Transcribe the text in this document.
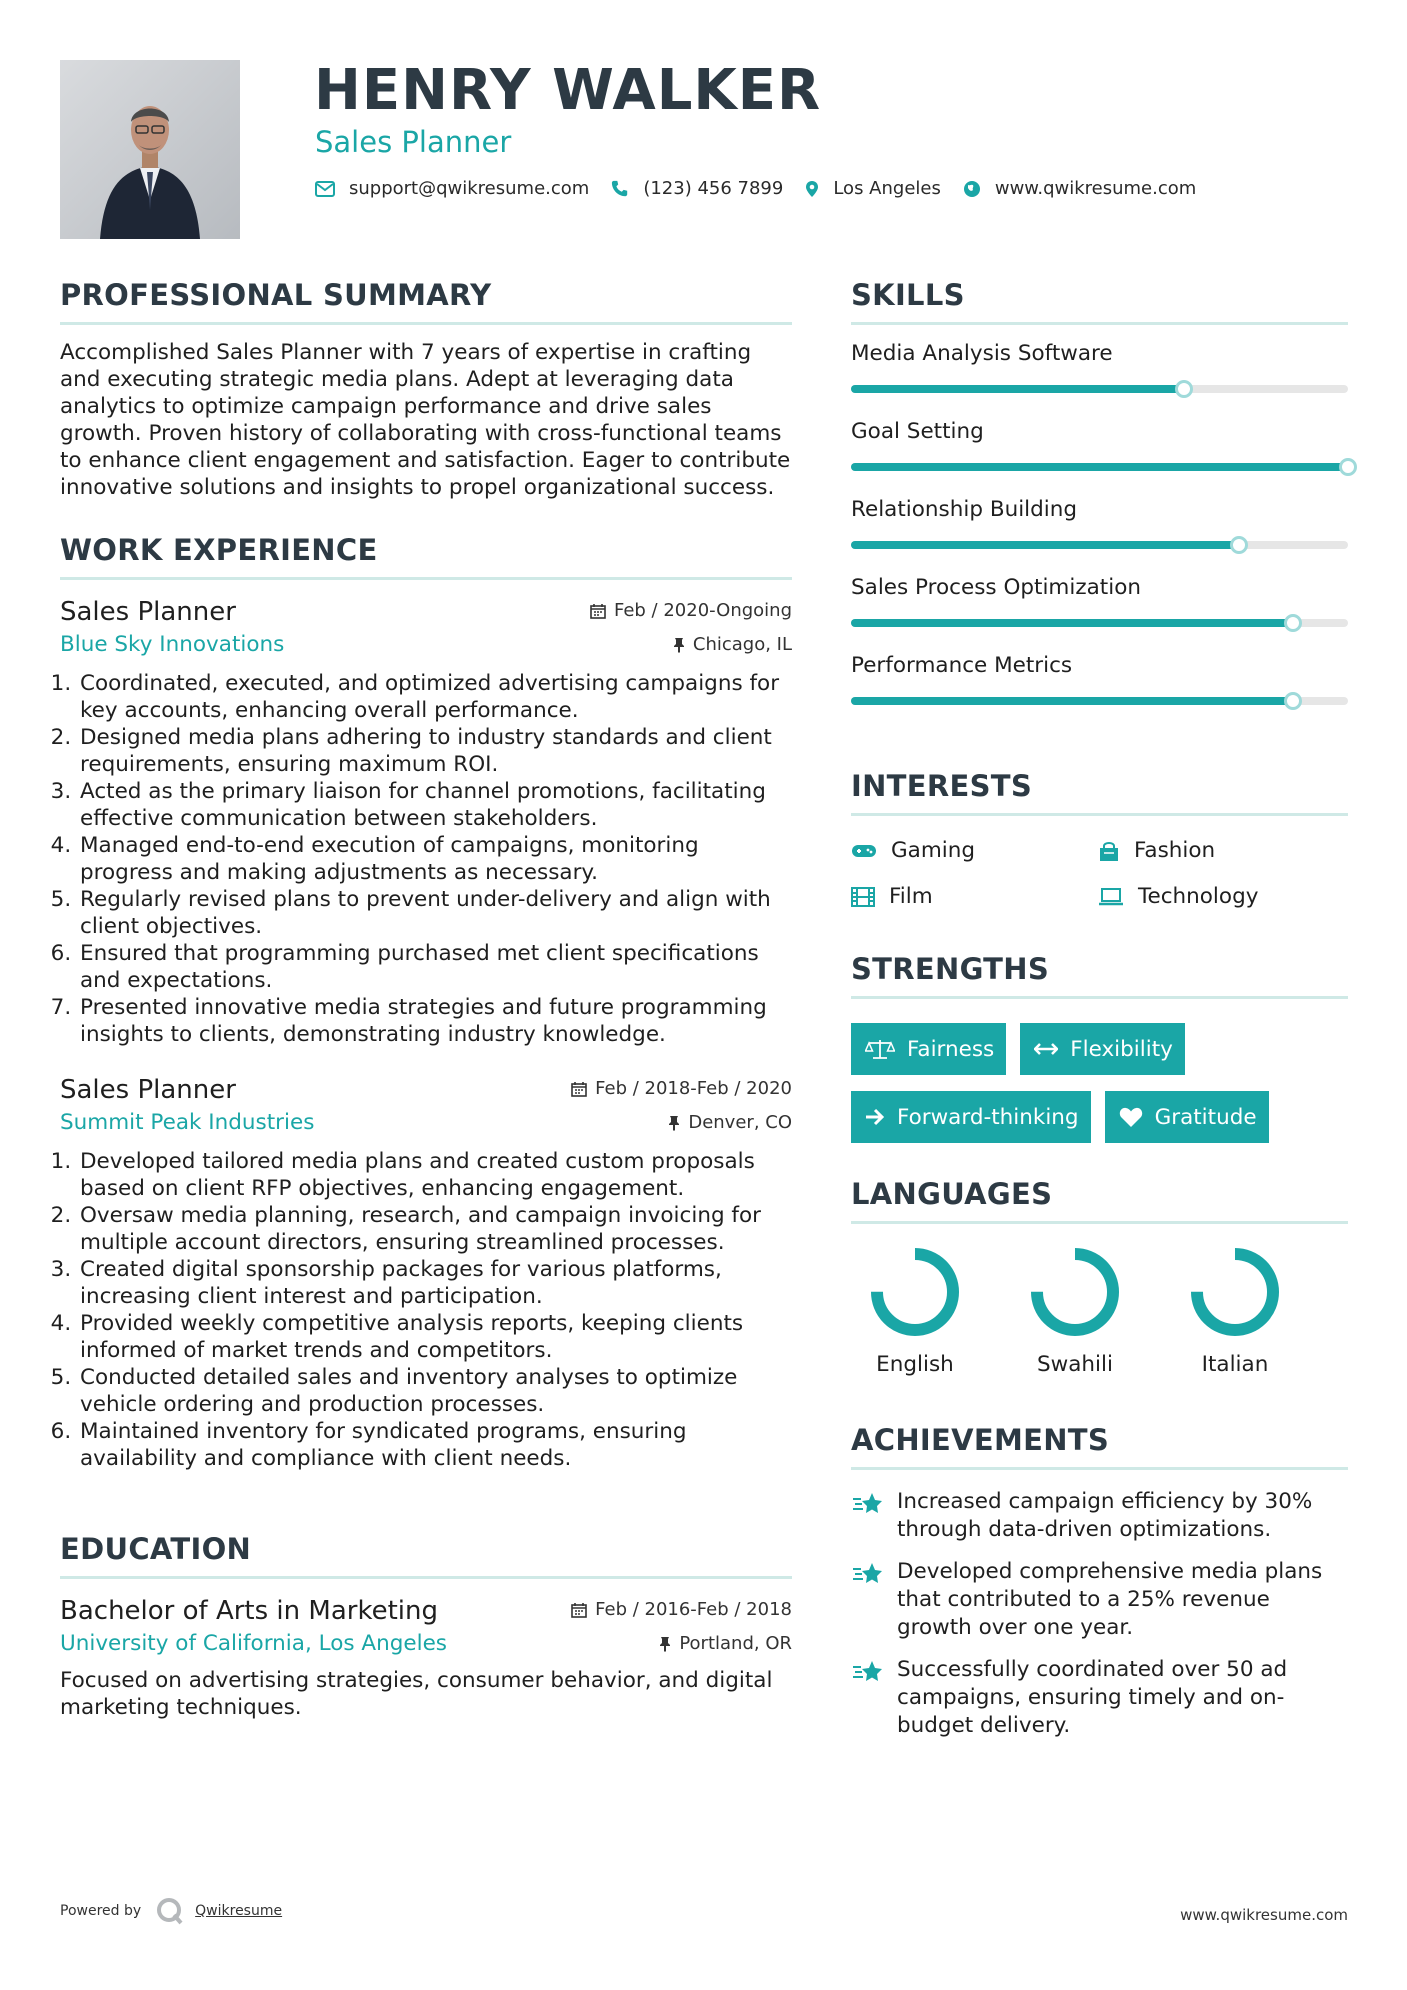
HENRY WALKER
Sales Planner
support@qwikresume.com	(123) 456 7899	Los Angeles	www.qwikresume.com
PROFESSIONAL SUMMARY

Accomplished Sales Planner with 7 years of expertise in crafting and executing strategic media plans. Adept at leveraging data analytics to optimize campaign performance and drive sales growth. Proven history of collaborating with cross-functional teams to enhance client engagement and satisfaction. Eager to contribute innovative solutions and insights to propel organizational success.

WORK EXPERIENCE
Sales Planner
Blue Sky Innovations
Feb / 2020-Ongoing
Chicago, IL
1. Coordinated, executed, and optimized advertising campaigns for key accounts, enhancing overall performance.
2. Designed media plans adhering to industry standards and client requirements, ensuring maximum ROI.
3. Acted as the primary liaison for channel promotions, facilitating effective communication between stakeholders.
4. Managed end-to-end execution of campaigns, monitoring progress and making adjustments as necessary.
5. Regularly revised plans to prevent under-delivery and align with client objectives.
6. Ensured that programming purchased met client specifications and expectations.
7. Presented innovative media strategies and future programming insights to clients, demonstrating industry knowledge.
Sales Planner
Summit Peak Industries
Feb / 2018-Feb / 2020
Denver, CO
1. Developed tailored media plans and created custom proposals based on client RFP objectives, enhancing engagement.
2. Oversaw media planning, research, and campaign invoicing for multiple account directors, ensuring streamlined processes.
3. Created digital sponsorship packages for various platforms, increasing client interest and participation.
4. Provided weekly competitive analysis reports, keeping clients informed of market trends and competitors.
5. Conducted detailed sales and inventory analyses to optimize vehicle ordering and production processes.
6. Maintained inventory for syndicated programs, ensuring availability and compliance with client needs.
EDUCATION
Bachelor of Arts in Marketing
University of California, Los Angeles
Feb / 2016-Feb / 2018
Portland, OR

Focused on advertising strategies, consumer behavior, and digital marketing techniques.

SKILLS
Media Analysis Software
Goal Setting
Relationship Building
Sales Process Optimization
Performance Metrics
INTERESTS
Gaming	Fashion
Film	Technology
STRENGTHS
Fairness	Flexibility
Forward-thinking	Gratitude
LANGUAGES
English	Swahili	Italian
ACHIEVEMENTS
Increased campaign efficiency by 30% through data-driven optimizations.
Developed comprehensive media plans that contributed to a 25% revenue growth over one year.
Successfully coordinated over 50 ad campaigns, ensuring timely and on-budget delivery.
Powered by	Qwikresume	www.qwikresume.com
